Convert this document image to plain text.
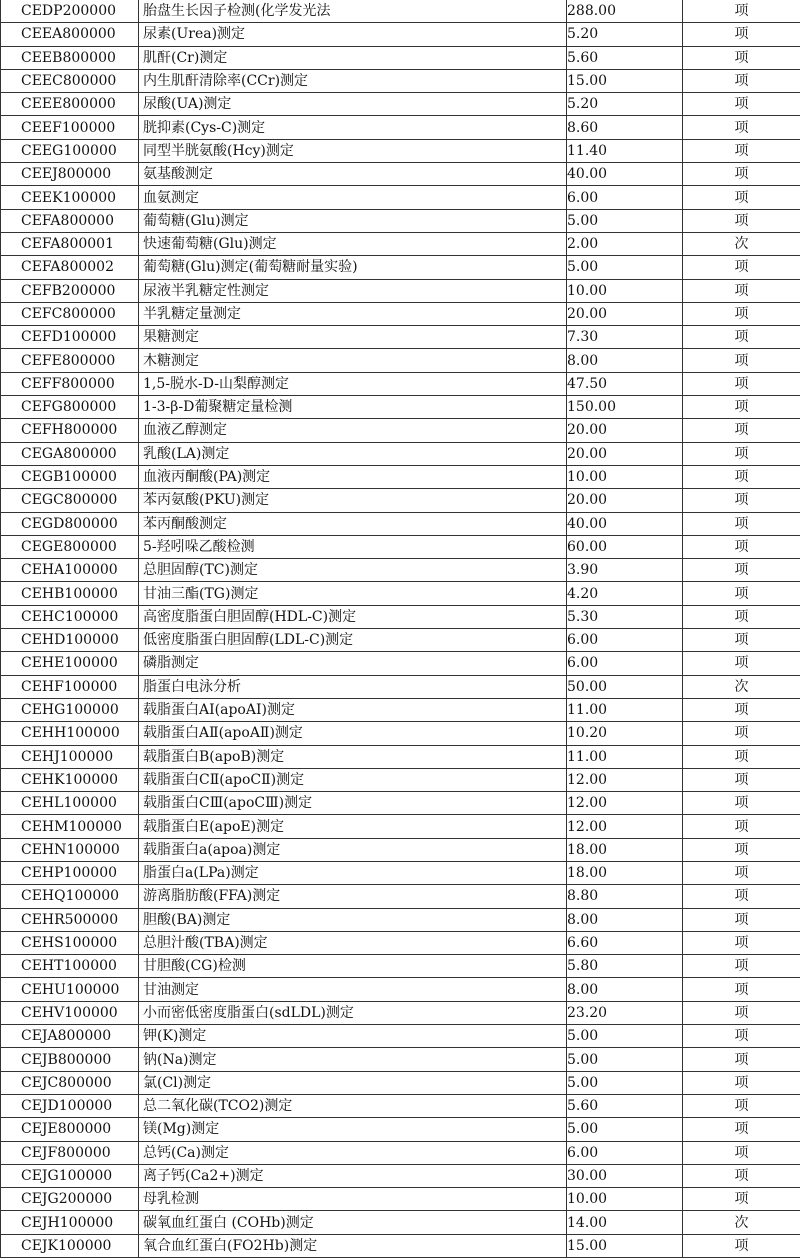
CEDP200000	胎盘生长因子检测(化学发光法	288.00	项
CEEA800000	尿素(Urea)测定	5.20	项
CEEB800000	肌酐(Cr)测定	5.60	项
CEEC800000	内生肌酐清除率(CCr)测定	15.00	项
CEEE800000	尿酸(UA)测定	5.20	项
CEEF100000	胱抑素(Cys-C)测定	8.60	项
CEEG100000	同型半胱氨酸(Hcy)测定	11.40	项
CEEJ800000	氨基酸测定	40.00	项
CEEK100000	血氨测定	6.00	项
CEFA800000	葡萄糖(Glu)测定	5.00	项
CEFA800001	快速葡萄糖(Glu)测定	2.00	次
CEFA800002	葡萄糖(Glu)测定(葡萄糖耐量实验)	5.00	项
CEFB200000	尿液半乳糖定性测定	10.00	项
CEFC800000	半乳糖定量测定	20.00	项
CEFD100000	果糖测定	7.30	项
CEFE800000	木糖测定	8.00	项
CEFF800000	1,5-脱水-D-山梨醇测定	47.50	项
CEFG800000	1-3-β-D葡聚糖定量检测	150.00	项
CEFH800000	血液乙醇测定	20.00	项
CEGA800000	乳酸(LA)测定	20.00	项
CEGB100000	血液丙酮酸(PA)测定	10.00	项
CEGC800000	苯丙氨酸(PKU)测定	20.00	项
CEGD800000	苯丙酮酸测定	40.00	项
CEGE800000	5-羟吲哚乙酸检测	60.00	项
CEHA100000	总胆固醇(TC)测定	3.90	项
CEHB100000	甘油三酯(TG)测定	4.20	项
CEHC100000	高密度脂蛋白胆固醇(HDL-C)测定	5.30	项
CEHD100000	低密度脂蛋白胆固醇(LDL-C)测定	6.00	项
CEHE100000	磷脂测定	6.00	项
CEHF100000	脂蛋白电泳分析	50.00	次
CEHG100000	载脂蛋白AⅠ(apoAⅠ)测定	11.00	项
CEHH100000	载脂蛋白AⅡ(apoAⅡ)测定	10.20	项
CEHJ100000	载脂蛋白B(apoB)测定	11.00	项
CEHK100000	载脂蛋白CⅡ(apoCⅡ)测定	12.00	项
CEHL100000	载脂蛋白CⅢ(apoCⅢ)测定	12.00	项
CEHM100000	载脂蛋白E(apoE)测定	12.00	项
CEHN100000	载脂蛋白a(apoa)测定	18.00	项
CEHP100000	脂蛋白a(LPa)测定	18.00	项
CEHQ100000	游离脂肪酸(FFA)测定	8.80	项
CEHR500000	胆酸(BA)测定	8.00	项
CEHS100000	总胆汁酸(TBA)测定	6.60	项
CEHT100000	甘胆酸(CG)检测	5.80	项
CEHU100000	甘油测定	8.00	项
CEHV100000	小而密低密度脂蛋白(sdLDL)测定	23.20	项
CEJA800000	钾(K)测定	5.00	项
CEJB800000	钠(Na)测定	5.00	项
CEJC800000	氯(Cl)测定	5.00	项
CEJD100000	总二氧化碳(TCO2)测定	5.60	项
CEJE800000	镁(Mg)测定	5.00	项
CEJF800000	总钙(Ca)测定	6.00	项
CEJG100000	离子钙(Ca2+)测定	30.00	项
CEJG200000	母乳检测	10.00	项
CEJH100000	碳氧血红蛋白 (COHb)测定	14.00	次
CEJK100000	氧合血红蛋白(FO2Hb)测定	15.00	项
